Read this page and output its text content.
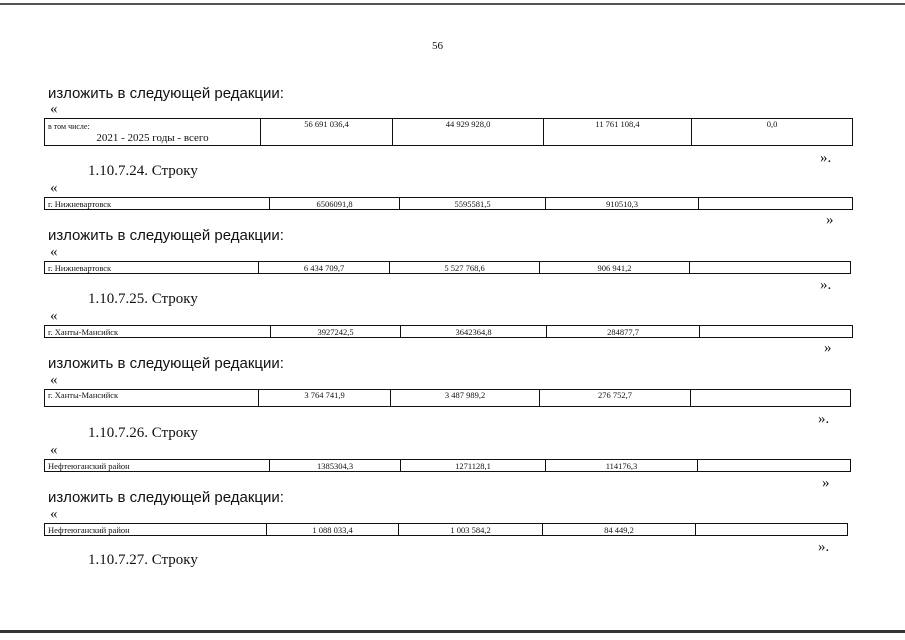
56
изложить в следующей редакции:
«
в том числе:
2021 - 2025 годы - всего
	56 691 036,4	44 929 928,0	11 761 108,4	0,0
».
1.10.7.24. Строку
«
г. Нижневартовск	6506091,8	5595581,5	910510,3	
»
изложить в следующей редакции:
«
г. Нижневартовск	6 434 709,7	5 527 768,6	906 941,2	
».
1.10.7.25. Строку
«
г. Ханты-Мансийск	3927242,5	3642364,8	284877,7	
»
изложить в следующей редакции:
«
г. Ханты-Мансийск	3 764 741,9	3 487 989,2	276 752,7	
».
1.10.7.26. Строку
«
Нефтеюганский район	1385304,3	1271128,1	114176,3	
»
изложить в следующей редакции:
«
Нефтеюганский район	1 088 033,4	1 003 584,2	84 449,2	
».
1.10.7.27. Строку
